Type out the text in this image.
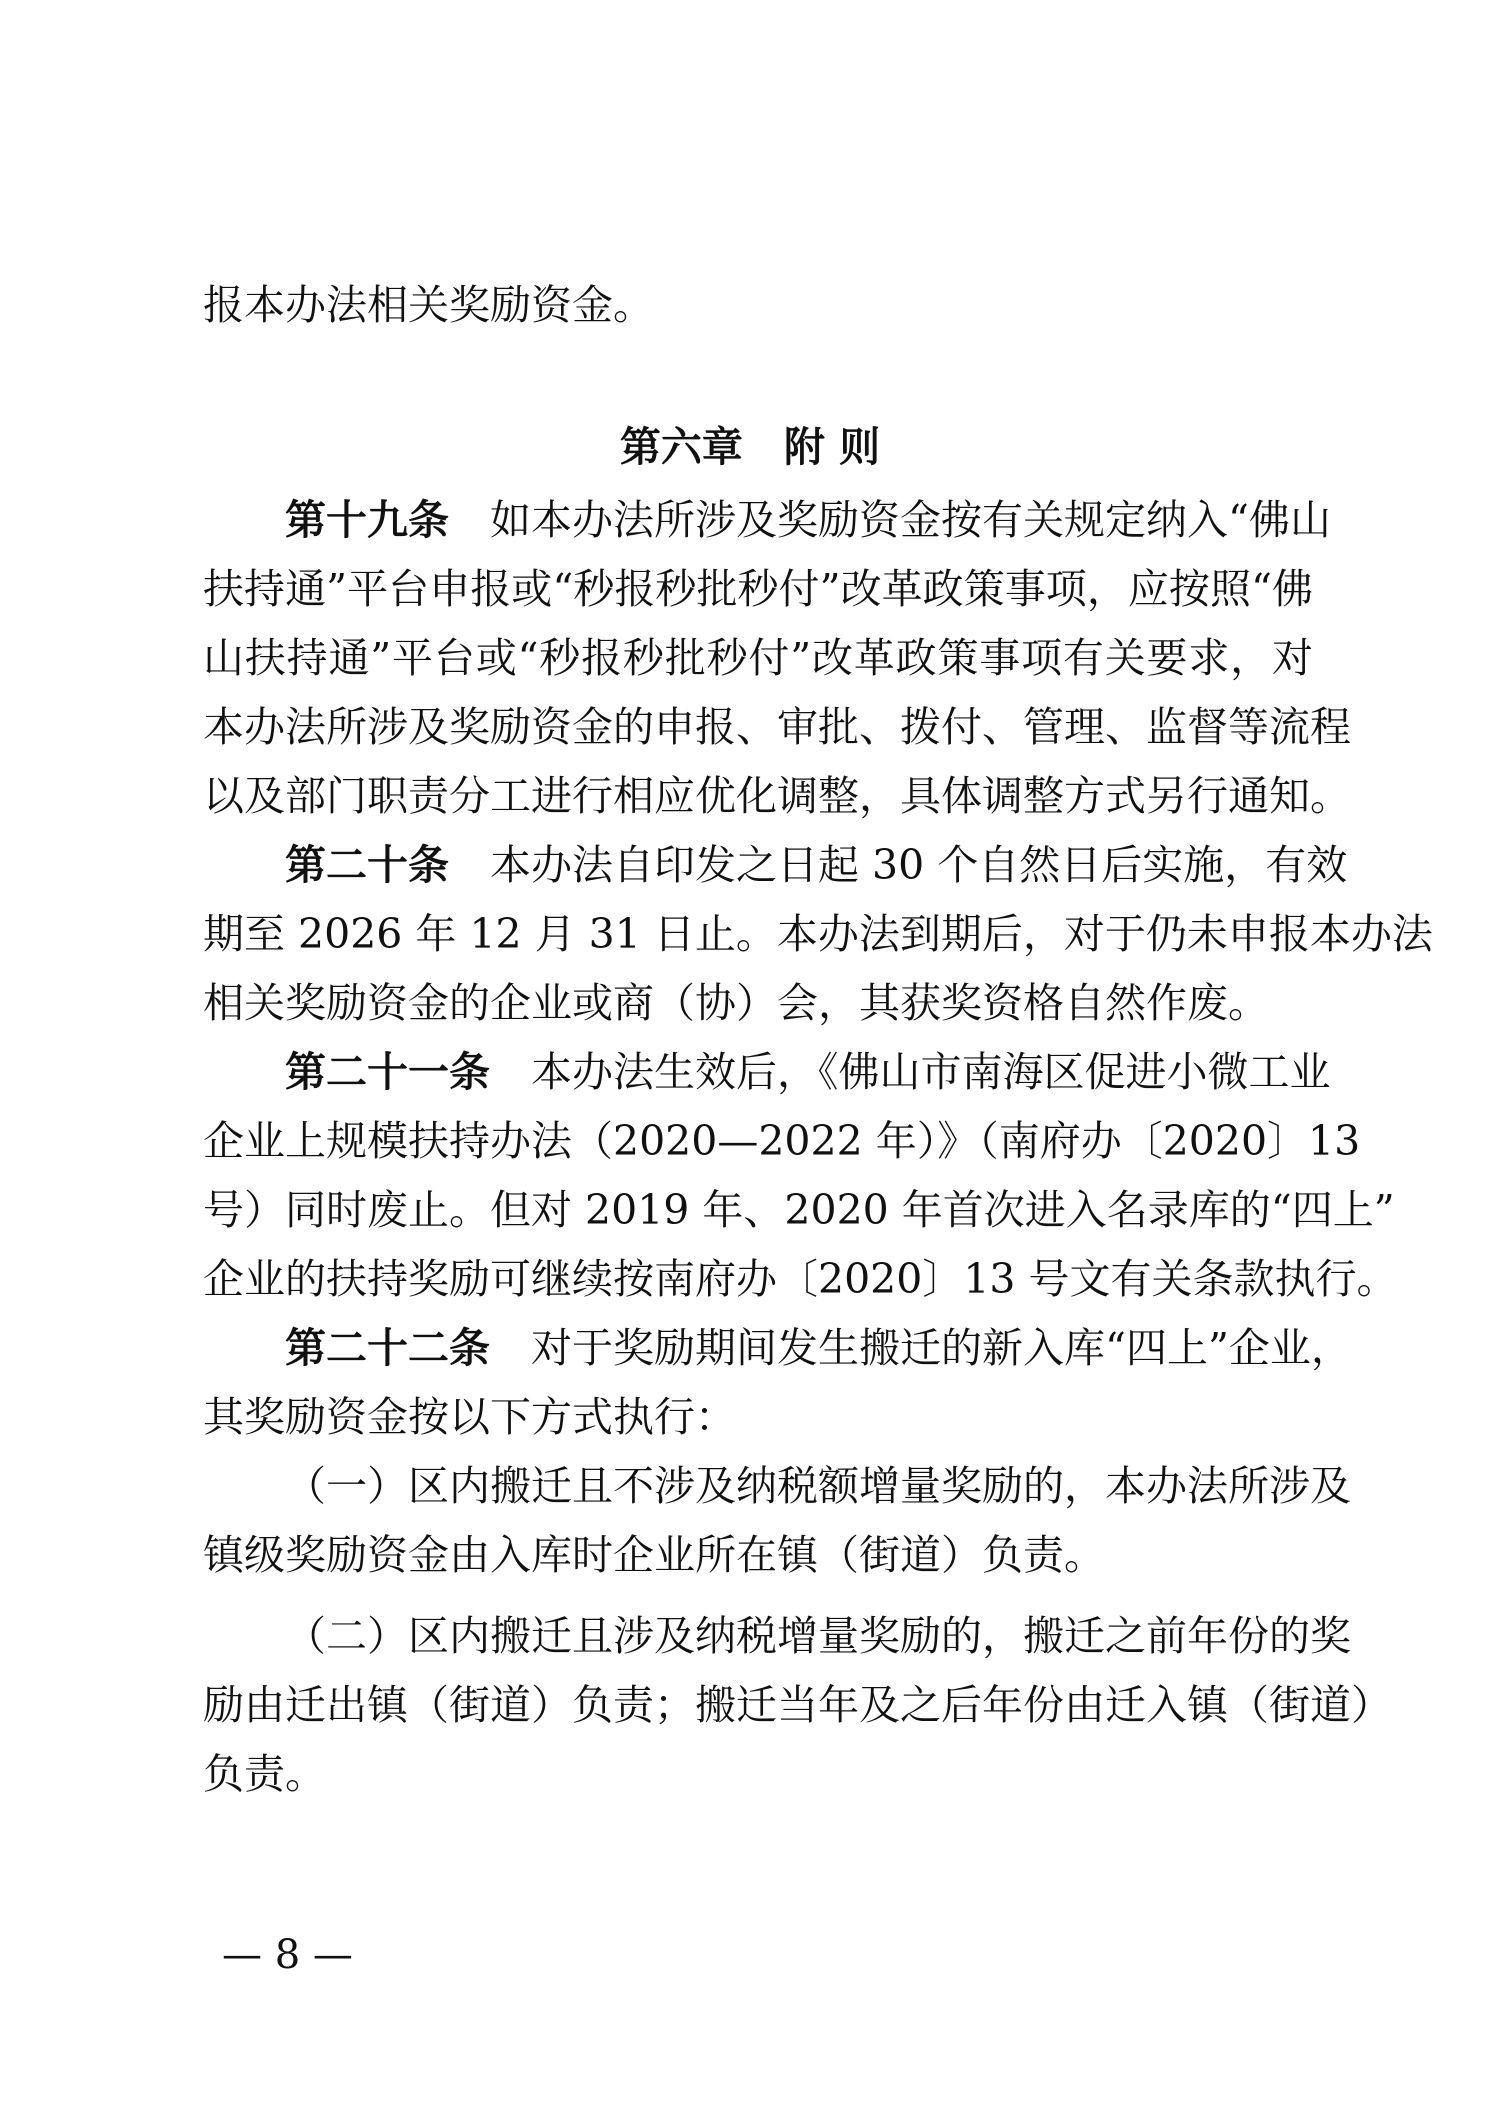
报本办法相关奖励资金。
第六章　附 则
第十九条 如本办法所涉及奖励资金按有关规定纳入“佛山
扶持通”平台申报或“秒报秒批秒付”改革政策事项，应按照“佛
山扶持通”平台或“秒报秒批秒付”改革政策事项有关要求，对
本办法所涉及奖励资金的申报、审批、拨付、管理、监督等流程
以及部门职责分工进行相应优化调整，具体调整方式另行通知。
第二十条 本办法自印发之日起 30 个自然日后实施，有效
期至 2026 年 12 月 31 日止。本办法到期后，对于仍未申报本办法
相关奖励资金的企业或商（协）会，其获奖资格自然作废。
第二十一条 本办法生效后，《佛山市南海区促进小微工业
企业上规模扶持办法（2020—2022 年）》（南府办〔2020〕13
号）同时废止。但对 2019 年、2020 年首次进入名录库的“四上”
企业的扶持奖励可继续按南府办〔2020〕13 号文有关条款执行。
第二十二条 对于奖励期间发生搬迁的新入库“四上”企业，
其奖励资金按以下方式执行：
（一）区内搬迁且不涉及纳税额增量奖励的，本办法所涉及
镇级奖励资金由入库时企业所在镇（街道）负责。
（二）区内搬迁且涉及纳税增量奖励的，搬迁之前年份的奖
励由迁出镇（街道）负责；搬迁当年及之后年份由迁入镇（街道）
负责。
— 8 —
